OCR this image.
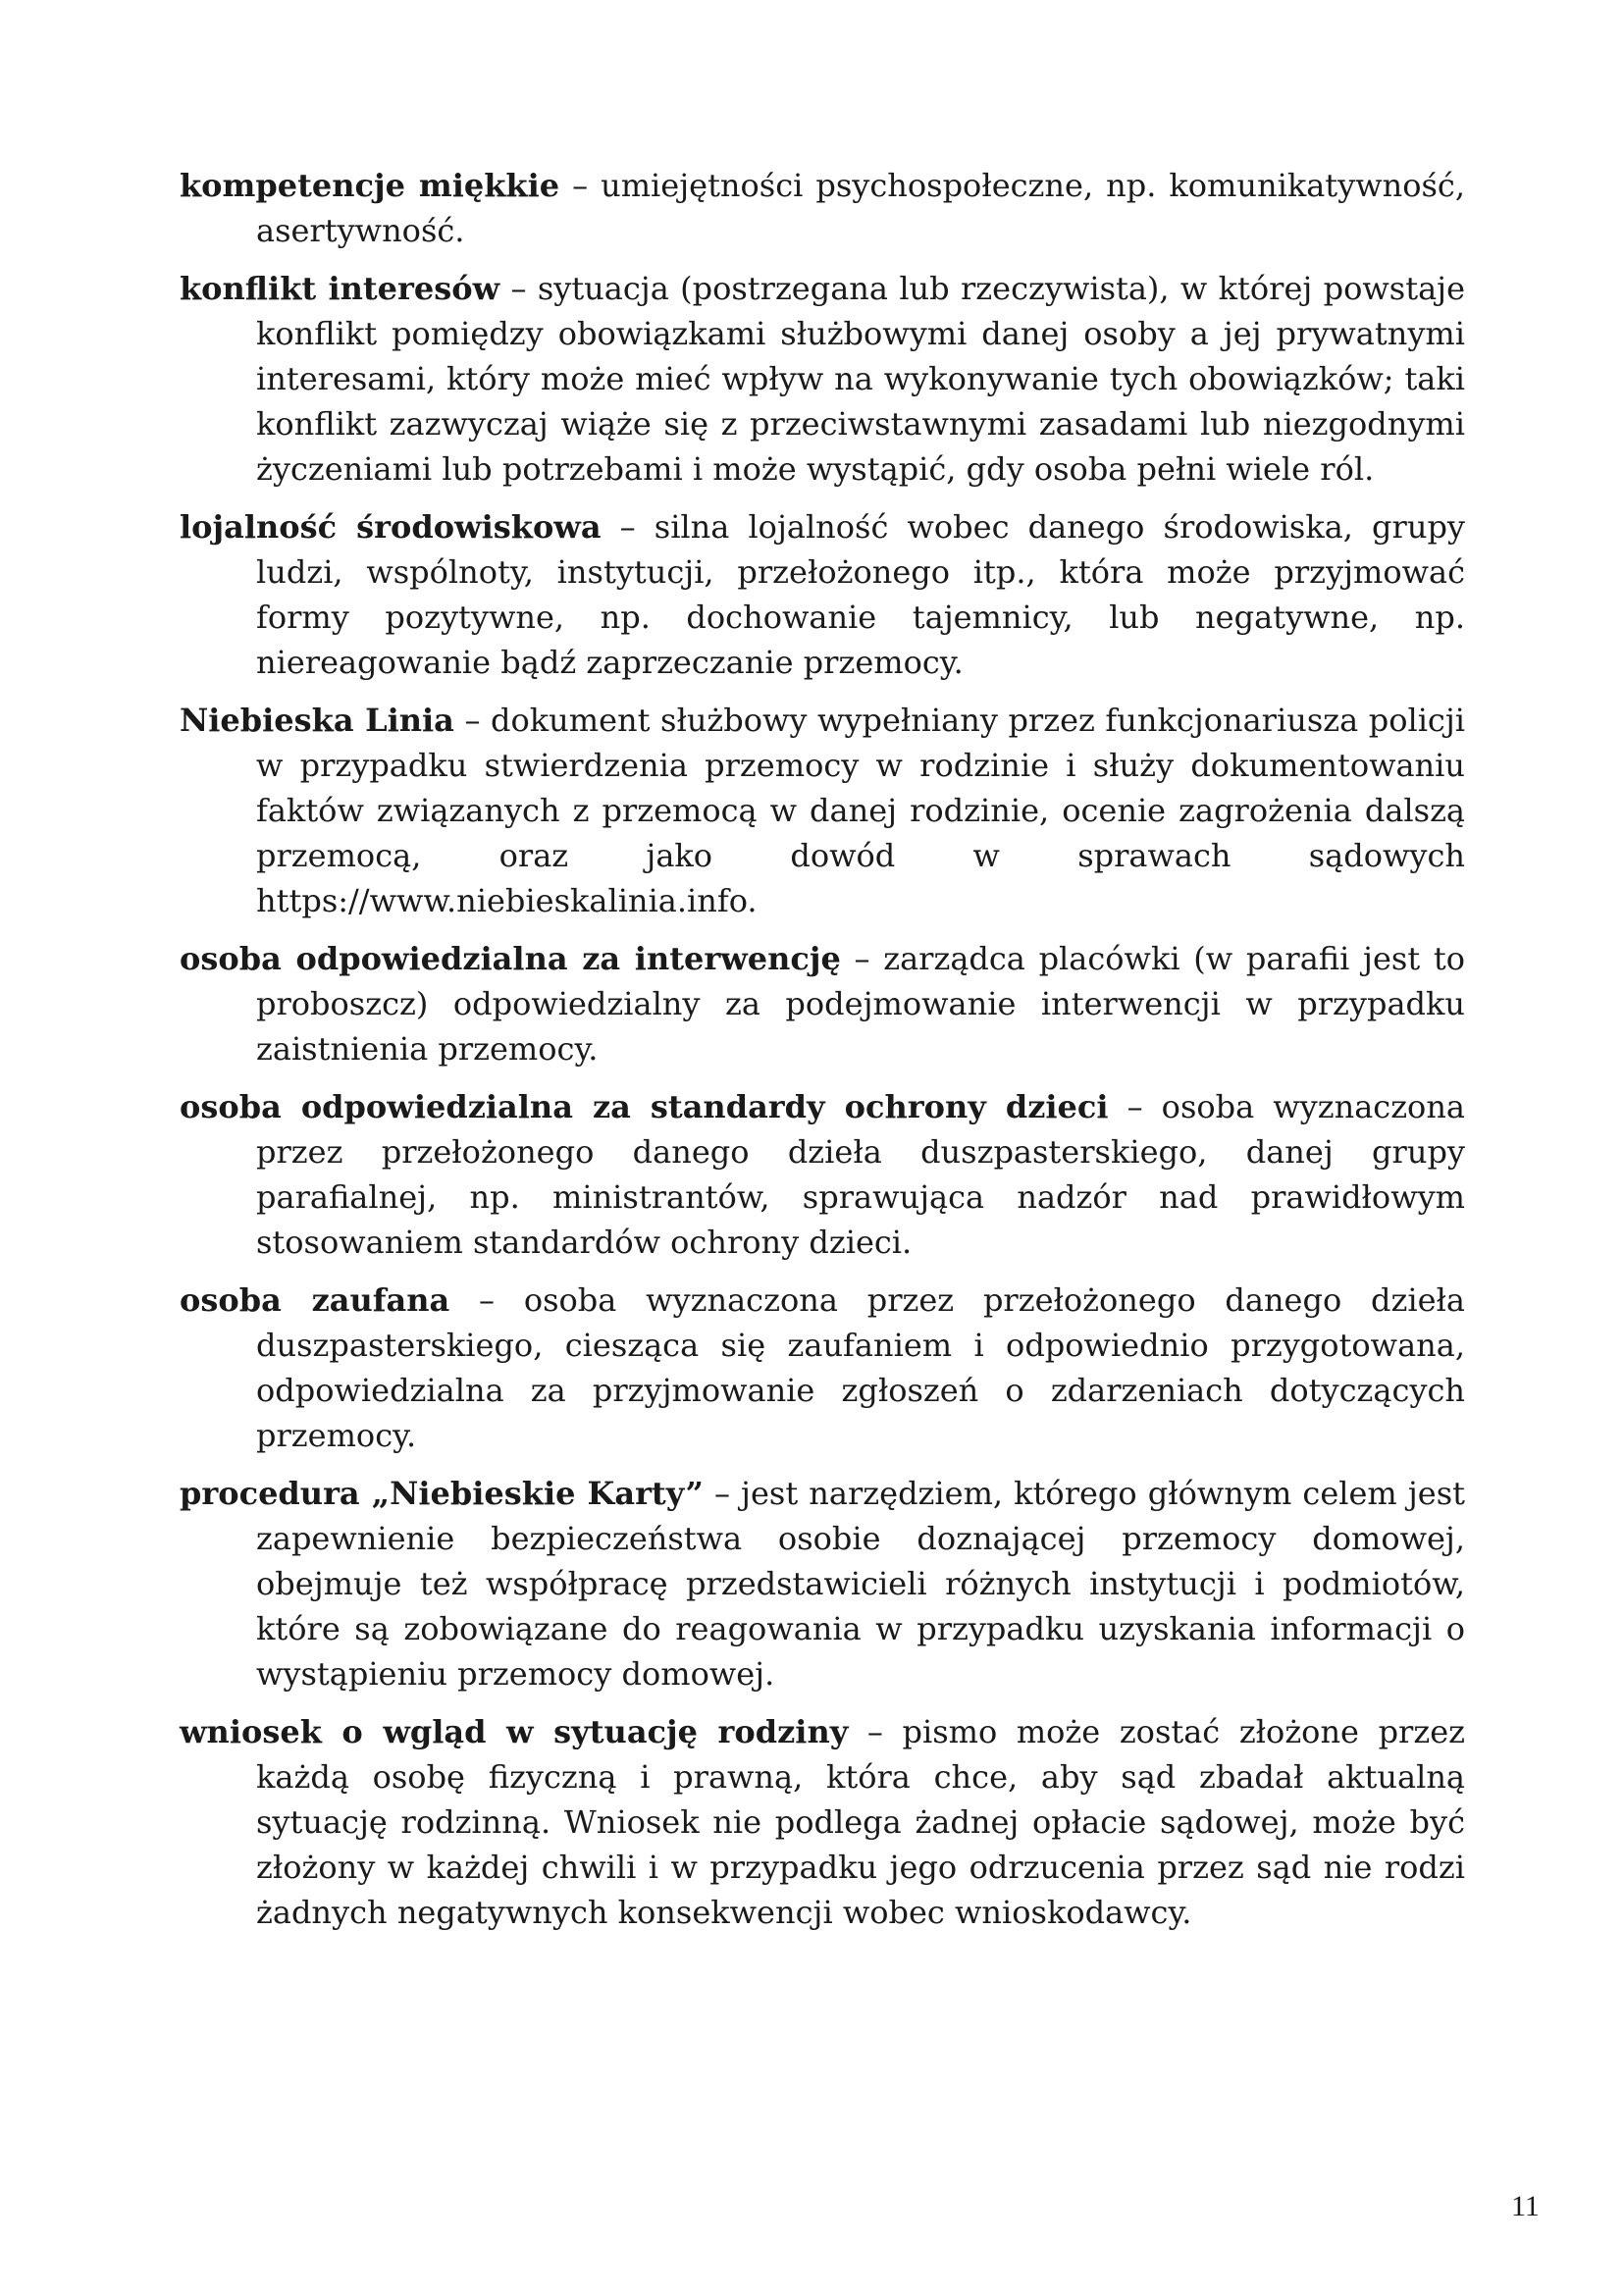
kompetencje miękkie – umiejętności psychospołeczne, np. komunikatywność, asertywność.

konflikt interesów – sytuacja (postrzegana lub rzeczywista), w której powstaje konflikt pomiędzy obowiązkami służbowymi danej osoby a jej prywatnymi interesami, który może mieć wpływ na wykonywanie tych obowiązków; taki konflikt zazwyczaj wiąże się z przeciwstawnymi zasadami lub niezgodnymi życzeniami lub potrzebami i może wystąpić, gdy osoba pełni wiele ról.

lojalność środowiskowa – silna lojalność wobec danego środowiska, grupy ludzi, wspólnoty, instytucji, przełożonego itp., która może przyjmować formy pozytywne, np. dochowanie tajemnicy, lub negatywne, np. niereagowanie bądź zaprzeczanie przemocy.

Niebieska Linia – dokument służbowy wypełniany przez funkcjonariusza policji w przypadku stwierdzenia przemocy w rodzinie i służy dokumentowaniu faktów związanych z przemocą w danej rodzinie, ocenie zagrożenia dalszą przemocą, oraz jako dowód w sprawach sądowych https://www.niebieskalinia.info.

osoba odpowiedzialna za interwencję – zarządca placówki (w parafii jest to proboszcz) odpowiedzialny za podejmowanie interwencji w przypadku zaistnienia przemocy.

osoba odpowiedzialna za standardy ochrony dzieci – osoba wyznaczona przez przełożonego danego dzieła duszpasterskiego, danej grupy parafialnej, np. ministrantów, sprawująca nadzór nad prawidłowym stosowaniem standardów ochrony dzieci.

osoba zaufana – osoba wyznaczona przez przełożonego danego dzieła duszpasterskiego, ciesząca się zaufaniem i odpowiednio przygotowana, odpowiedzialna za przyjmowanie zgłoszeń o zdarzeniach dotyczących przemocy.

procedura „Niebieskie Karty” – jest narzędziem, którego głównym celem jest zapewnienie bezpieczeństwa osobie doznającej przemocy domowej, obejmuje też współpracę przedstawicieli różnych instytucji i podmiotów, które są zobowiązane do reagowania w przypadku uzyskania informacji o wystąpieniu przemocy domowej.

wniosek o wgląd w sytuację rodziny – pismo może zostać złożone przez każdą osobę fizyczną i prawną, która chce, aby sąd zbadał aktualną sytuację rodzinną. Wniosek nie podlega żadnej opłacie sądowej, może być złożony w każdej chwili i w przypadku jego odrzucenia przez sąd nie rodzi żadnych negatywnych konsekwencji wobec wnioskodawcy.

11
